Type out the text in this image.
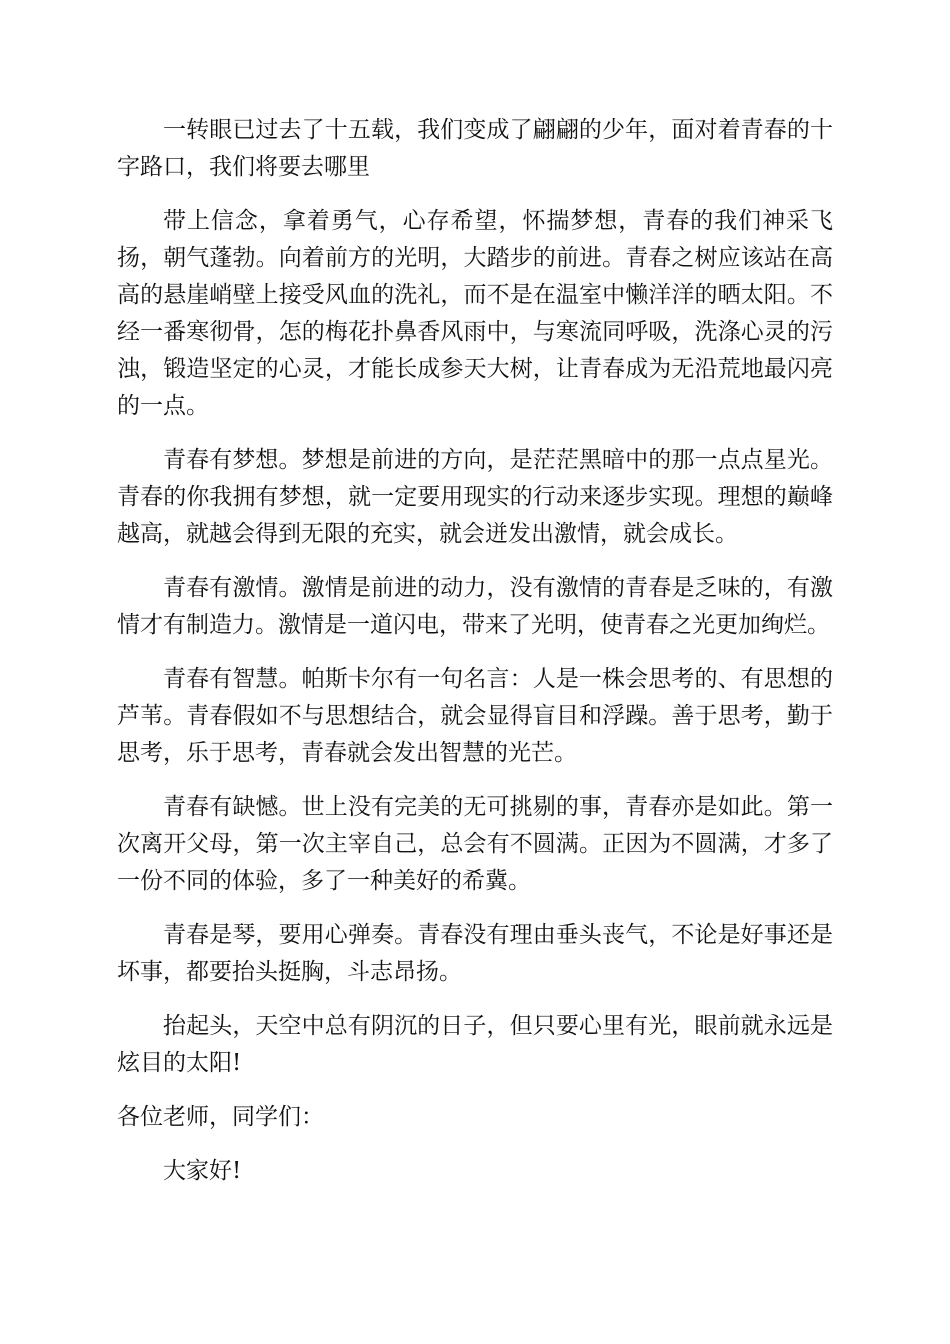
一转眼已过去了十五载，我们变成了翩翩的少年，面对着青春的十字路口，我们将要去哪里

带上信念，拿着勇气，心存希望，怀揣梦想，青春的我们神采飞扬，朝气蓬勃。向着前方的光明，大踏步的前进。青春之树应该站在高高的悬崖峭壁上接受风血的洗礼，而不是在温室中懒洋洋的晒太阳。不经一番寒彻骨，怎的梅花扑鼻香风雨中，与寒流同呼吸，洗涤心灵的污浊，锻造坚定的心灵，才能长成参天大树，让青春成为无沿荒地最闪亮的一点。

青春有梦想。梦想是前进的方向，是茫茫黑暗中的那一点点星光。青春的你我拥有梦想，就一定要用现实的行动来逐步实现。理想的巅峰越高，就越会得到无限的充实，就会迸发出激情，就会成长。

青春有激情。激情是前进的动力，没有激情的青春是乏味的，有激情才有制造力。激情是一道闪电，带来了光明，使青春之光更加绚烂。

青春有智慧。帕斯卡尔有一句名言：人是一株会思考的、有思想的芦苇。青春假如不与思想结合，就会显得盲目和浮躁。善于思考，勤于思考，乐于思考，青春就会发出智慧的光芒。

青春有缺憾。世上没有完美的无可挑剔的事，青春亦是如此。第一次离开父母，第一次主宰自己，总会有不圆满。正因为不圆满，才多了一份不同的体验，多了一种美好的希冀。

青春是琴，要用心弹奏。青春没有理由垂头丧气，不论是好事还是坏事，都要抬头挺胸，斗志昂扬。

抬起头，天空中总有阴沉的日子，但只要心里有光，眼前就永远是炫目的太阳!

各位老师，同学们：

大家好!
